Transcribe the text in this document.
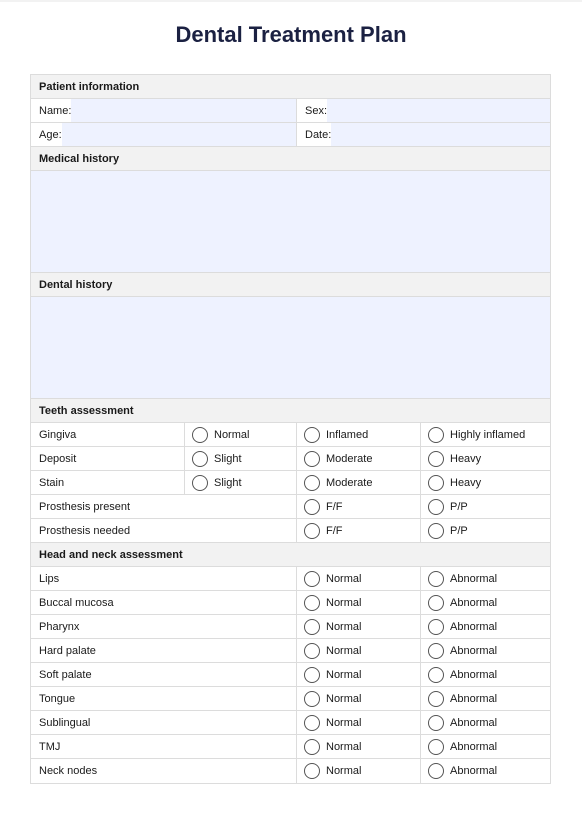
Dental Treatment Plan
Patient information
Name:	Sex:
Age:	Date:
Medical history
Dental history
Teeth assessment
Gingiva	Normal	Inflamed	Highly inflamed
Deposit	Slight	Moderate	Heavy
Stain	Slight	Moderate	Heavy
Prosthesis present	F/F	P/P
Prosthesis needed	F/F	P/P
Head and neck assessment
Lips	Normal	Abnormal
Buccal mucosa	Normal	Abnormal
Pharynx	Normal	Abnormal
Hard palate	Normal	Abnormal
Soft palate	Normal	Abnormal
Tongue	Normal	Abnormal
Sublingual	Normal	Abnormal
TMJ	Normal	Abnormal
Neck nodes	Normal	Abnormal
